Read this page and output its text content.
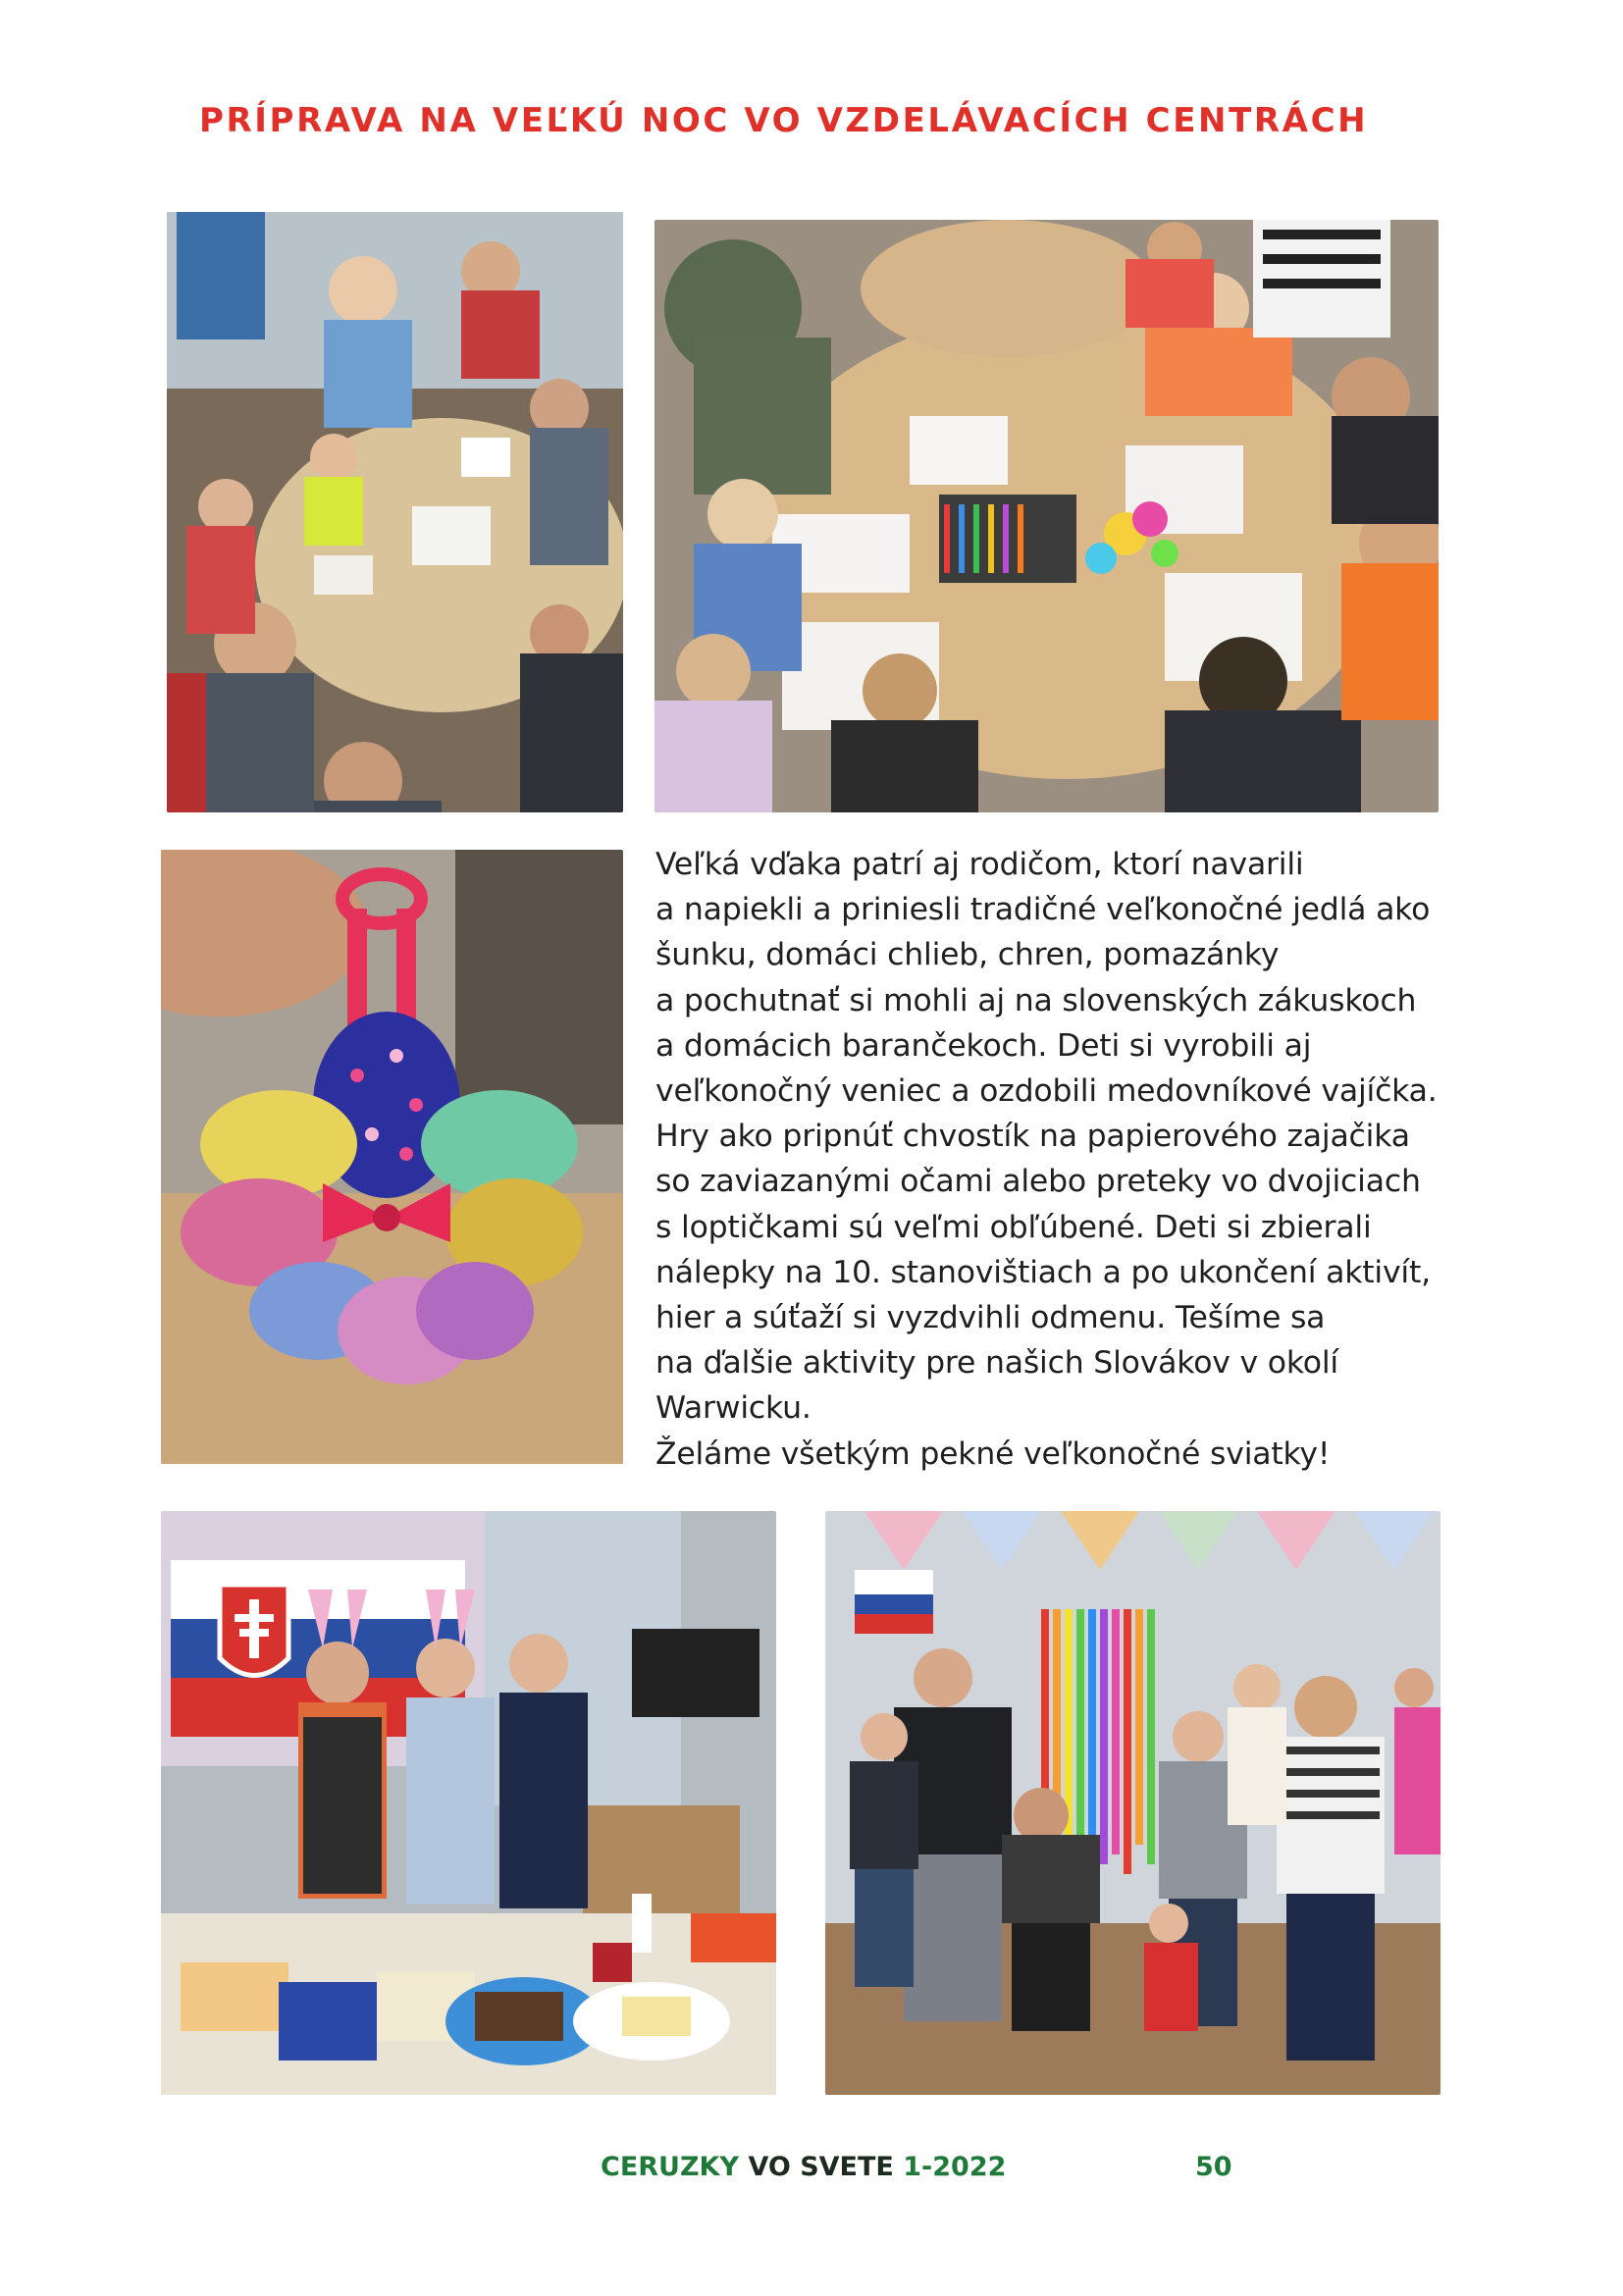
PRÍPRAVA NA VEĽKÚ NOC VO VZDELÁVACÍCH CENTRÁCH
Veľká vďaka patrí aj rodičom, ktorí navarili
a napiekli a priniesli tradičné veľkonočné jedlá ako
šunku, domáci chlieb, chren, pomazánky
a pochutnať si mohli aj na slovenských zákuskoch
a domácich barančekoch. Deti si vyrobili aj
veľkonočný veniec a ozdobili medovníkové vajíčka.
Hry ako pripnúť chvostík na papierového zajačika
so zaviazanými očami alebo preteky vo dvojiciach
s loptičkami sú veľmi obľúbené. Deti si zbierali
nálepky na 10. stanovištiach a po ukončení aktivít,
hier a súťaží si vyzdvihli odmenu. Tešíme sa
na ďalšie aktivity pre našich Slovákov v okolí
Warwicku.
Želáme všetkým pekné veľkonočné sviatky!
CERUZKY VO SVETE 1-2022	50
